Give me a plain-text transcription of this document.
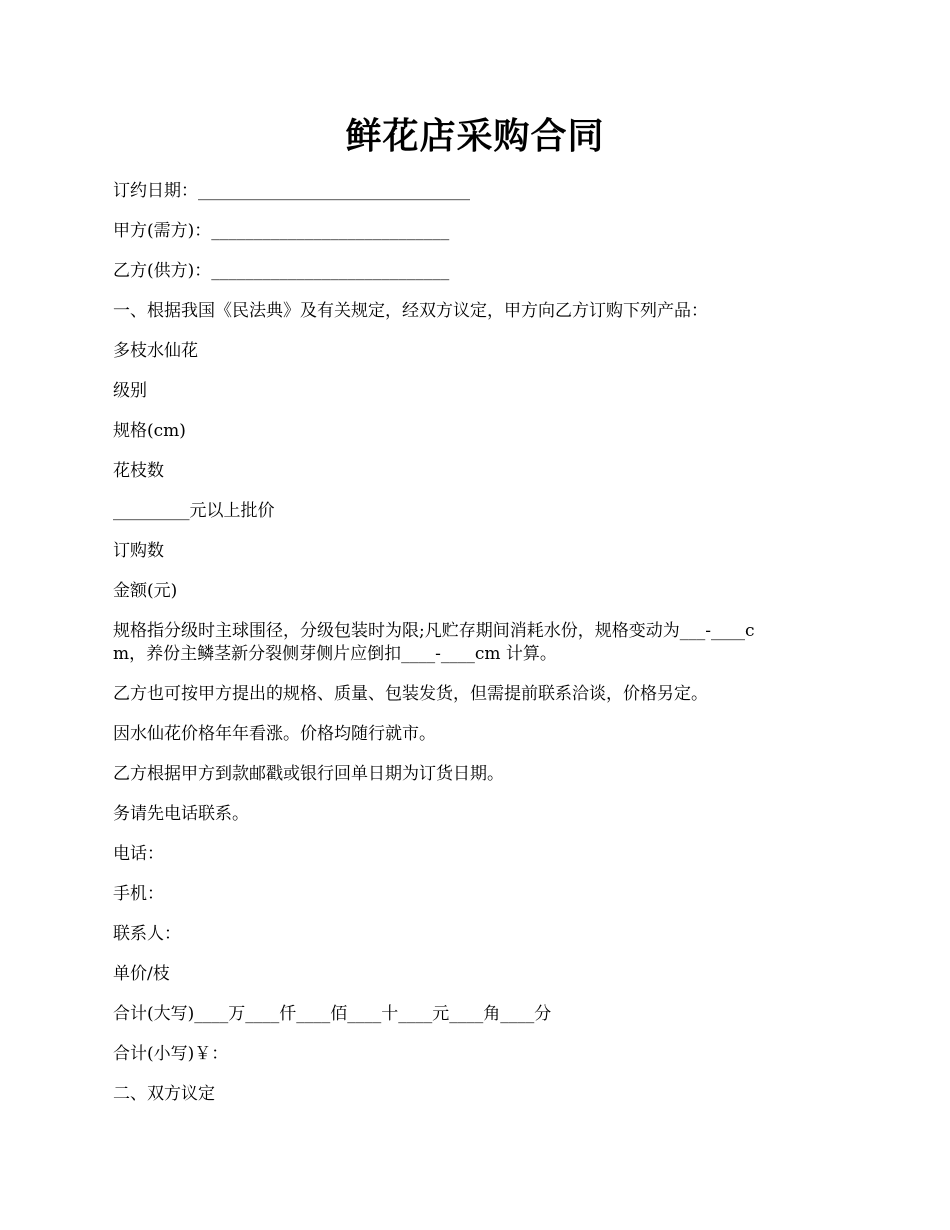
鲜花店采购合同

订约日期：________________________________

甲方(需方)：____________________________

乙方(供方)：____________________________

一、根据我国《民法典》及有关规定，经双方议定，甲方向乙方订购下列产品：

多枝水仙花

级别

规格(cm)

花枝数

_________元以上批价

订购数

金额(元)

规格指分级时主球围径，分级包装时为限;凡贮存期间消耗水份，规格变动为___-____cm，养份主鳞茎新分裂侧芽侧片应倒扣____-____cm 计算。

乙方也可按甲方提出的规格、质量、包装发货，但需提前联系洽谈，价格另定。

因水仙花价格年年看涨。价格均随行就市。

乙方根据甲方到款邮戳或银行回单日期为订货日期。

务请先电话联系。

电话：

手机：

联系人：

单价/枝

合计(大写)____万____仟____佰____十____元____角____分

合计(小写)￥：

二、双方议定
